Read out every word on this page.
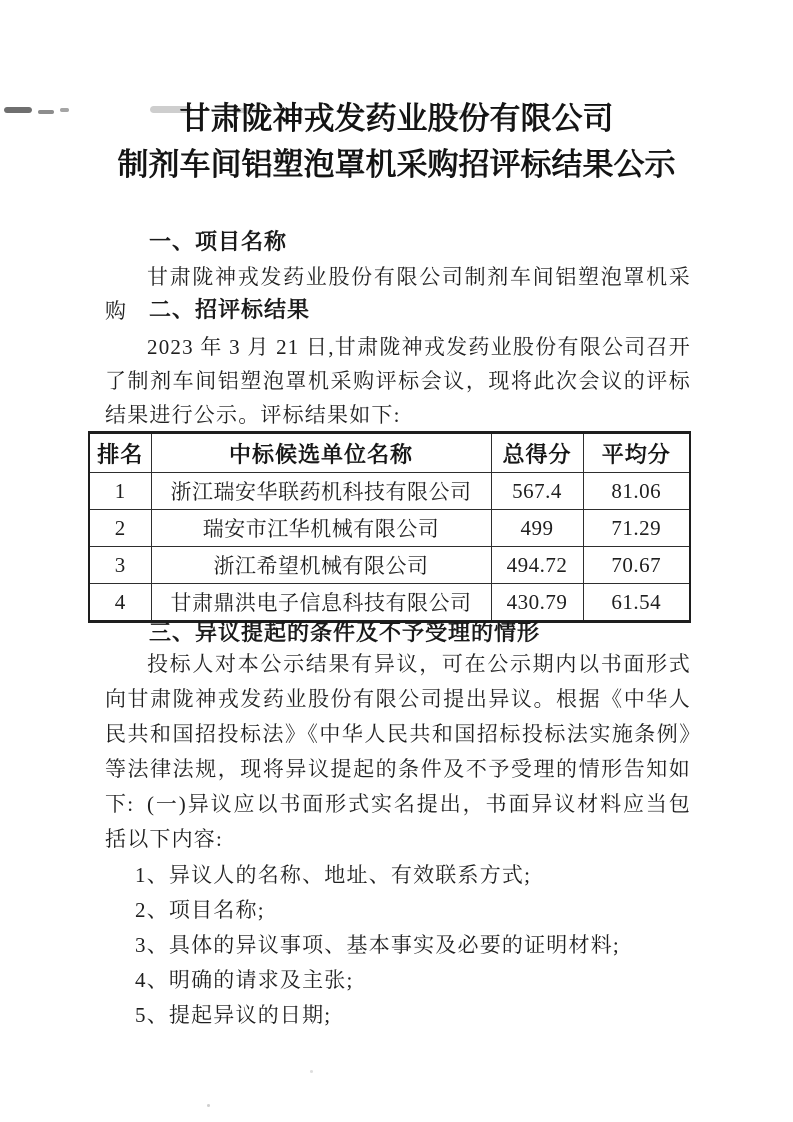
甘肃陇神戎发药业股份有限公司
制剂车间铝塑泡罩机采购招评标结果公示
一、项目名称

甘肃陇神戎发药业股份有限公司制剂车间铝塑泡罩机采购 二、招评标结果

2023 年 3 月 21 日,甘肃陇神戎发药业股份有限公司召开了制剂车间铝塑泡罩机采购评标会议，现将此次会议的评标结果进行公示。评标结果如下:

排名	中标候选单位名称	总得分	平均分
1	浙江瑞安华联药机科技有限公司	567.4	81.06
2	瑞安市江华机械有限公司	499	71.29
3	浙江希望机械有限公司	494.72	70.67
4	甘肃鼎洪电子信息科技有限公司	430.79	61.54
三、异议提起的条件及不予受理的情形

投标人对本公示结果有异议，可在公示期内以书面形式向甘肃陇神戎发药业股份有限公司提出异议。根据《中华人民共和国招投标法》《中华人民共和国招标投标法实施条例》等法律法规，现将异议提起的条件及不予受理的情形告知如下: (一)异议应以书面形式实名提出，书面异议材料应当包括以下内容:

1、异议人的名称、地址、有效联系方式;
2、项目名称;
3、具体的异议事项、基本事实及必要的证明材料;
4、明确的请求及主张;
5、提起异议的日期;
